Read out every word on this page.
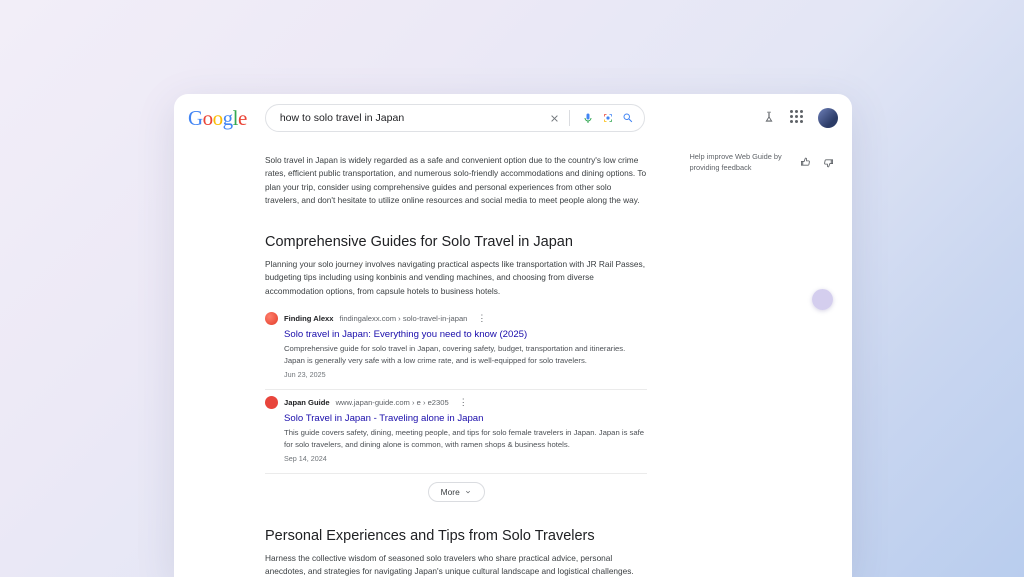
Google
how to solo travel in Japan
Solo travel in Japan is widely regarded as a safe and convenient option due to the country's low crime rates, efficient public transportation, and numerous solo-friendly accommodations and dining options. To plan your trip, consider using comprehensive guides and personal experiences from other solo travelers, and don't hesitate to utilize online resources and social media to meet people along the way.
Comprehensive Guides for Solo Travel in Japan
Planning your solo journey involves navigating practical aspects like transportation with JR Rail Passes, budgeting tips including using konbinis and vending machines, and choosing from diverse accommodation options, from capsule hotels to business hotels.
Finding Alexx findingalexx.com › solo-travel-in-japan ⋮
Solo travel in Japan: Everything you need to know (2025)
Comprehensive guide for solo travel in Japan, covering safety, budget, transportation and itineraries. Japan is generally very safe with a low crime rate, and is well-equipped for solo travelers.
Jun 23, 2025
Japan Guide www.japan-guide.com › e › e2305 ⋮
Solo Travel in Japan - Traveling alone in Japan
This guide covers safety, dining, meeting people, and tips for solo female travelers in Japan. Japan is safe for solo travelers, and dining alone is common, with ramen shops & business hotels.
Sep 14, 2024
More
Personal Experiences and Tips from Solo Travelers
Harness the collective wisdom of seasoned solo travelers who share practical advice, personal anecdotes, and strategies for navigating Japan's unique cultural landscape and logistical challenges.
Help improve Web Guide by providing feedback
